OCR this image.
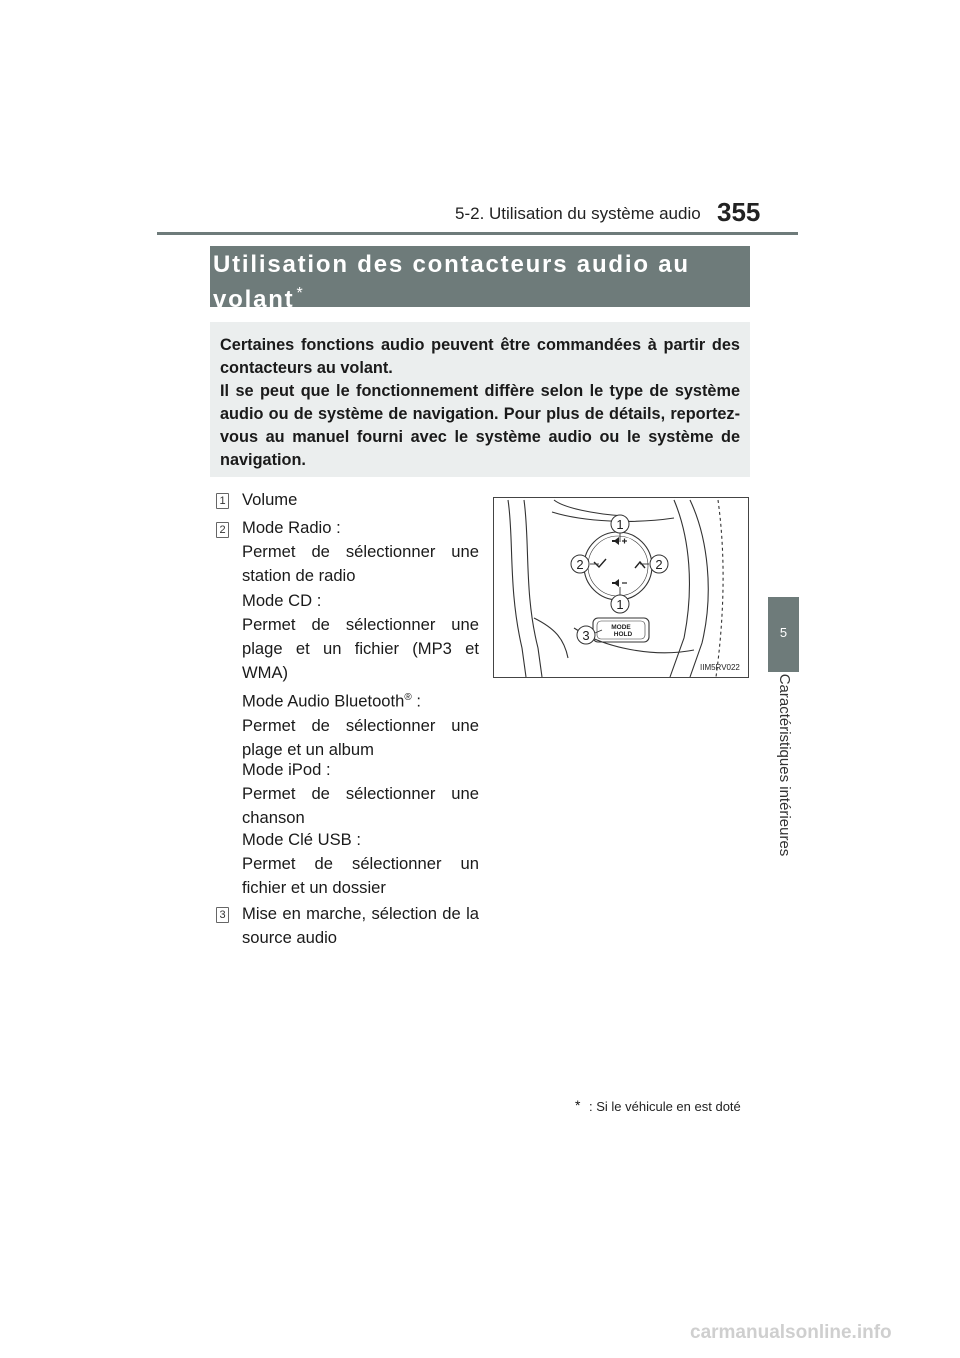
5-2. Utilisation du système audio 355
5
Caractéristiques intérieures
Utilisation des contacteurs audio au volant *

Certaines fonctions audio peuvent être commandées à partir des contacteurs au volant.

Il se peut que le fonctionnement diffère selon le type de système audio ou de système de navigation. Pour plus de détails, reportez-vous au manuel fourni avec le système audio ou le système de navigation.

1 Volume
2 Mode Radio :
Permet de sélectionner une station de radio
Mode CD :
Permet de sélectionner une plage et un fichier (MP3 et WMA)
Mode Audio Bluetooth® :
Permet de sélectionner une plage et un album
Mode iPod :
Permet de sélectionner une chanson
Mode Clé USB :
Permet de sélectionner un fichier et un dossier
3 Mise en marche, sélection de la source audio
1
2	2
1
3
MODE
HOLD
IIM5RV022
* : Si le véhicule en est doté
carmanualsonline.info
